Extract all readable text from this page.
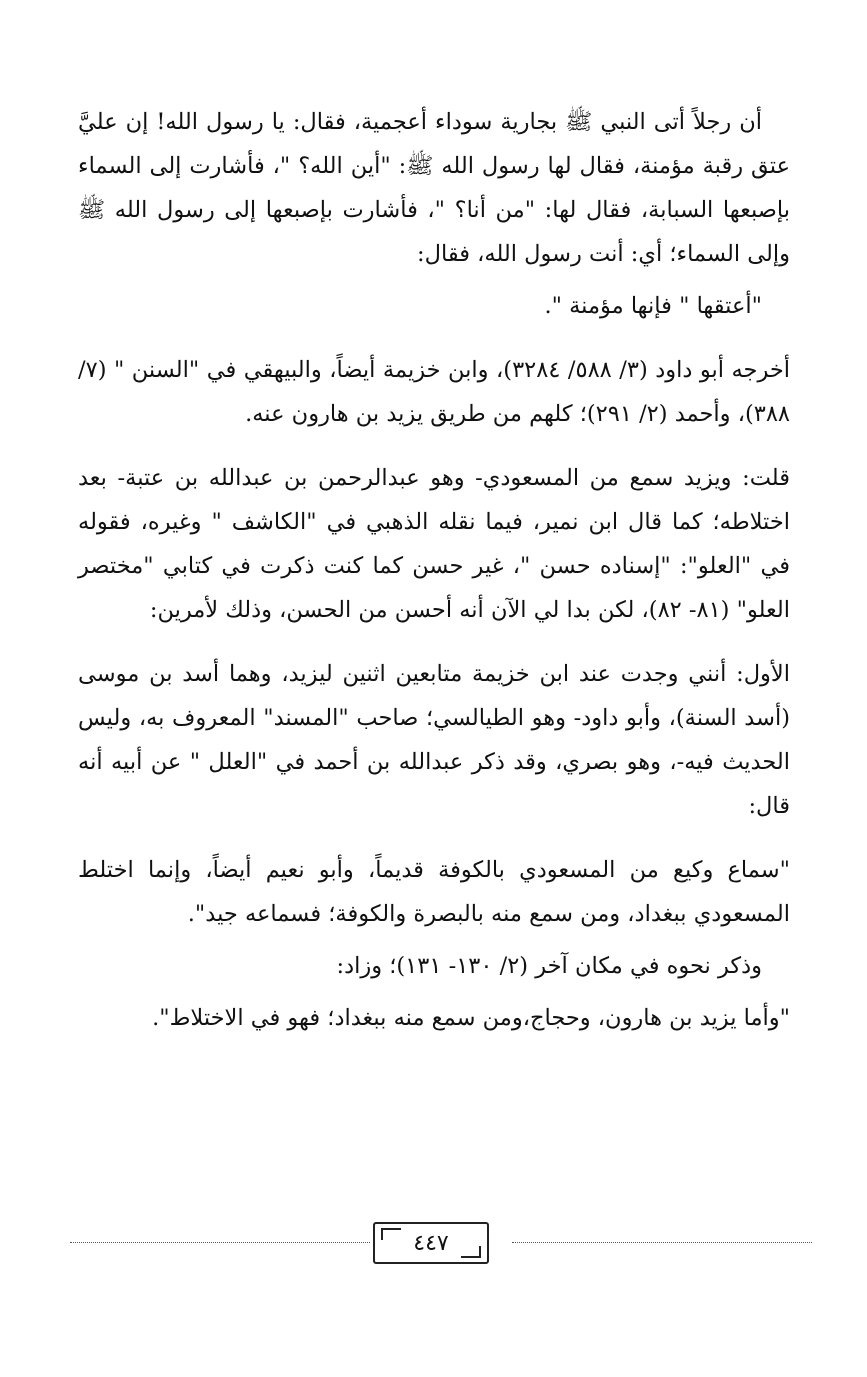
أن رجلاً أتى النبي ﷺ بجارية سوداء أعجمية، فقال: يا رسول الله! إن عليَّ عتق رقبة مؤمنة، فقال لها رسول الله ﷺ: "أين الله؟ "، فأشارت إلى السماء بإصبعها السبابة، فقال لها: "من أنا؟ "، فأشارت بإصبعها إلى رسول الله ﷺ وإلى السماء؛ أي: أنت رسول الله، فقال:

"أعتقها " فإنها مؤمنة ".

أخرجه أبو داود (٣/ ٥٨٨/ ٣٢٨٤)، وابن خزيمة أيضاً، والبيهقي في "السنن " (٧/ ٣٨٨)، وأحمد (٢/ ٢٩١)؛ كلهم من طريق يزيد بن هارون عنه.

قلت: ويزيد سمع من المسعودي- وهو عبدالرحمن بن عبدالله بن عتبة- بعد اختلاطه؛ كما قال ابن نمير، فيما نقله الذهبي في "الكاشف " وغيره، فقوله في "العلو": "إسناده حسن "، غير حسن كما كنت ذكرت في كتابي "مختصر العلو" (٨١- ٨٢)، لكن بدا لي الآن أنه أحسن من الحسن، وذلك لأمرين:

الأول: أنني وجدت عند ابن خزيمة متابعين اثنين ليزيد، وهما أسد بن موسى (أسد السنة)، وأبو داود- وهو الطيالسي؛ صاحب "المسند" المعروف به، وليس الحديث فيه-، وهو بصري، وقد ذكر عبدالله بن أحمد في "العلل " عن أبيه أنه قال:

"سماع وكيع من المسعودي بالكوفة قديماً، وأبو نعيم أيضاً، وإنما اختلط المسعودي ببغداد، ومن سمع منه بالبصرة والكوفة؛ فسماعه جيد".

وذكر نحوه في مكان آخر (٢/ ١٣٠- ١٣١)؛ وزاد:

"وأما يزيد بن هارون، وحجاج،ومن سمع منه ببغداد؛ فهو في الاختلاط".

٤٤٧
